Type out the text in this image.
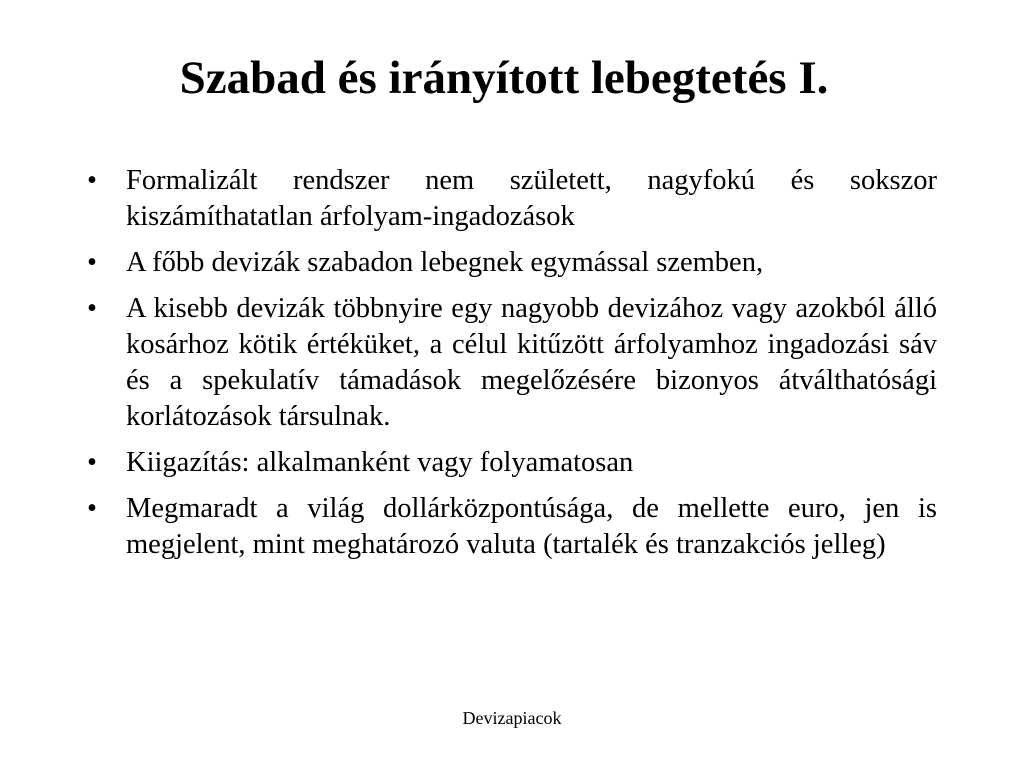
Szabad és irányított lebegtetés I.
•	Formalizált rendszer nem született, nagyfokú és sokszor kiszámíthatatlan árfolyam-ingadozások
•	A főbb devizák szabadon lebegnek egymással szemben,
•	A kisebb devizák többnyire egy nagyobb devizához vagy azokból álló kosárhoz kötik értéküket, a célul kitűzött árfolyamhoz ingadozási sáv és a spekulatív támadások megelőzésére bizonyos átválthatósági korlátozások társulnak.
•	Kiigazítás: alkalmanként vagy folyamatosan
•	Megmaradt a világ dollárközpontúsága, de mellette euro, jen is megjelent, mint meghatározó valuta (tartalék és tranzakciós jelleg)
Devizapiacok
